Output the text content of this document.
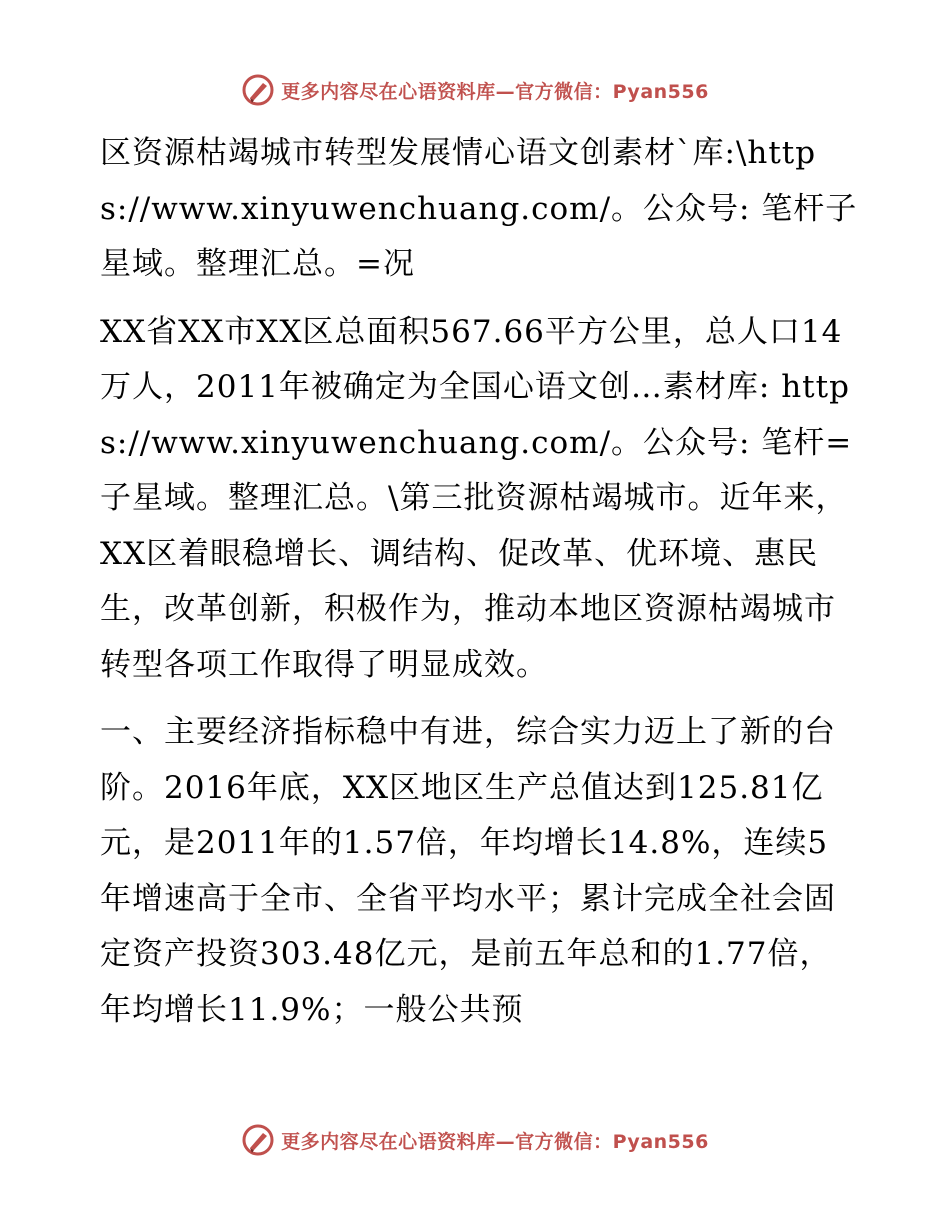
更多内容尽在心语资料库—官方微信：Pyan556

区资源枯竭城市转型发展情心语文创素材`库:\https://www.xinyuwenchuang.com/。公众号: 笔杆子星域。整理汇总。=况

XX省XX市XX区总面积567.66平方公里，总人口14万人，2011年被确定为全国心语文创…素材库: https://www.xinyuwenchuang.com/。公众号: 笔杆=子星域。整理汇总。\第三批资源枯竭城市。近年来，XX区着眼稳增长、调结构、促改革、优环境、惠民生，改革创新，积极作为，推动本地区资源枯竭城市转型各项工作取得了明显成效。

一、主要经济指标稳中有进，综合实力迈上了新的台阶。2016年底，XX区地区生产总值达到125.81亿元，是2011年的1.57倍，年均增长14.8%，连续5年增速高于全市、全省平均水平；累计完成全社会固定资产投资303.48亿元，是前五年总和的1.77倍，年均增长11.9%；一般公共预

更多内容尽在心语资料库—官方微信：Pyan556
